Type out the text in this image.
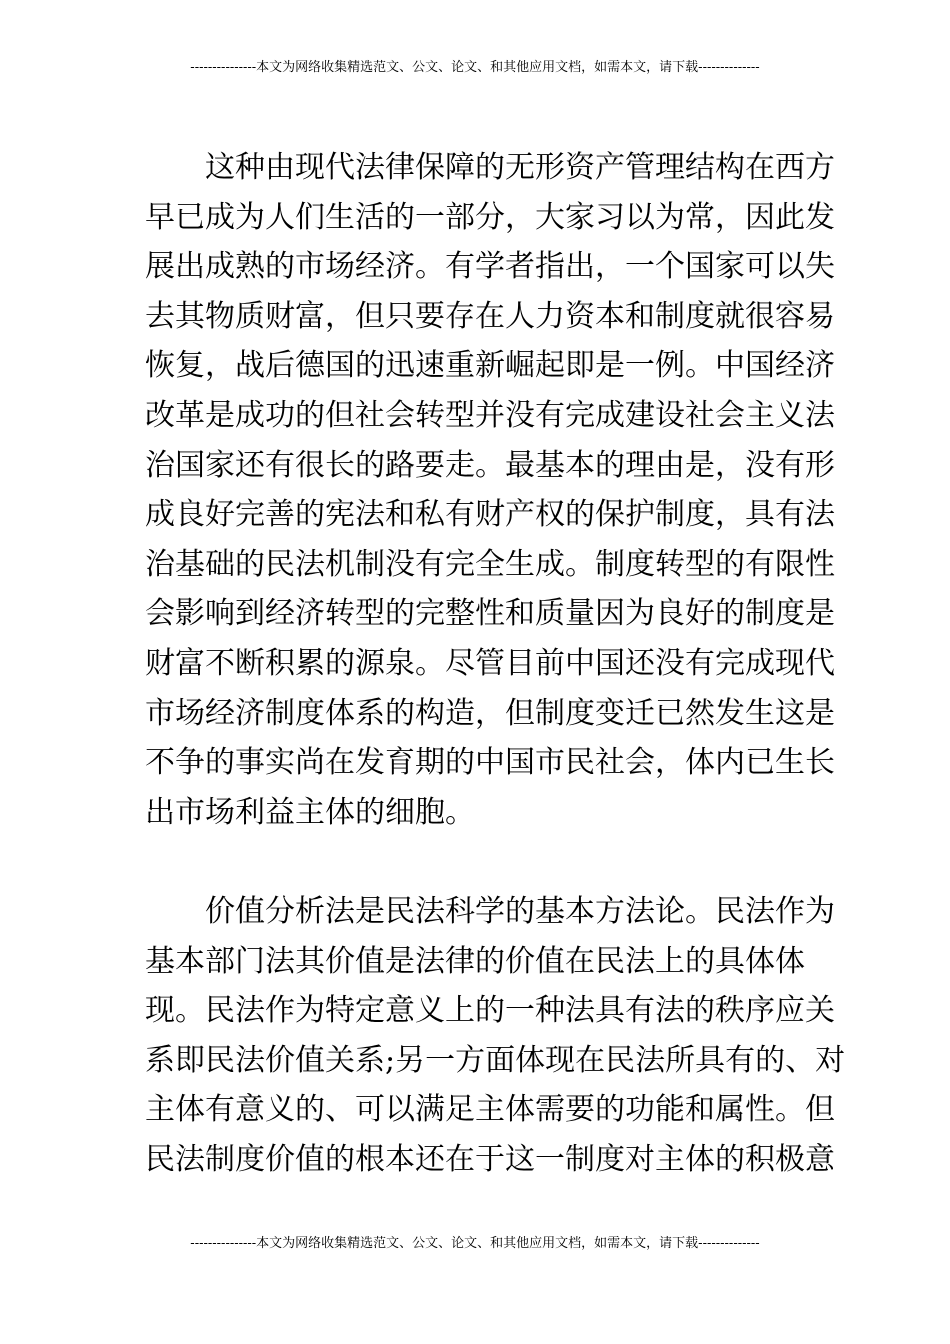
---------------本文为网络收集精选范文、公文、论文、和其他应用文档，如需本文，请下载--------------
这种由现代法律保障的无形资产管理结构在西方
早已成为人们生活的一部分，大家习以为常，因此发
展出成熟的市场经济。有学者指出，一个国家可以失
去其物质财富，但只要存在人力资本和制度就很容易
恢复，战后德国的迅速重新崛起即是一例。中国经济
改革是成功的但社会转型并没有完成建设社会主义法
治国家还有很长的路要走。最基本的理由是，没有形
成良好完善的宪法和私有财产权的保护制度，具有法
治基础的民法机制没有完全生成。制度转型的有限性
会影响到经济转型的完整性和质量因为良好的制度是
财富不断积累的源泉。尽管目前中国还没有完成现代
市场经济制度体系的构造，但制度变迁已然发生这是
不争的事实尚在发育期的中国市民社会，体内已生长
出市场利益主体的细胞。
价值分析法是民法科学的基本方法论。民法作为
基本部门法其价值是法律的价值在民法上的具体体
现。民法作为特定意义上的一种法具有法的秩序应关
系即民法价值关系;另一方面体现在民法所具有的、对
主体有意义的、可以满足主体需要的功能和属性。但
民法制度价值的根本还在于这一制度对主体的积极意
---------------本文为网络收集精选范文、公文、论文、和其他应用文档，如需本文，请下载--------------
